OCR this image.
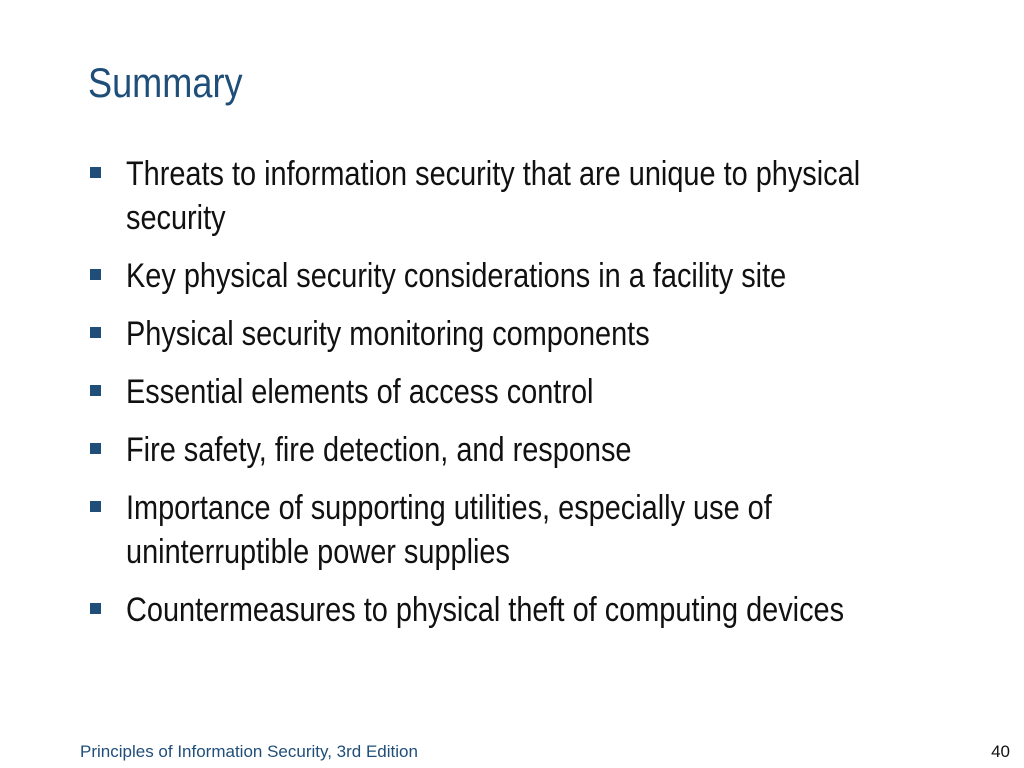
Summary
Threats to information security that are unique to physical security
Key physical security considerations in a facility site
Physical security monitoring components
Essential elements of access control
Fire safety, fire detection, and response
Importance of supporting utilities, especially use of uninterruptible power supplies
Countermeasures to physical theft of computing devices
Principles of Information Security, 3rd Edition	40
